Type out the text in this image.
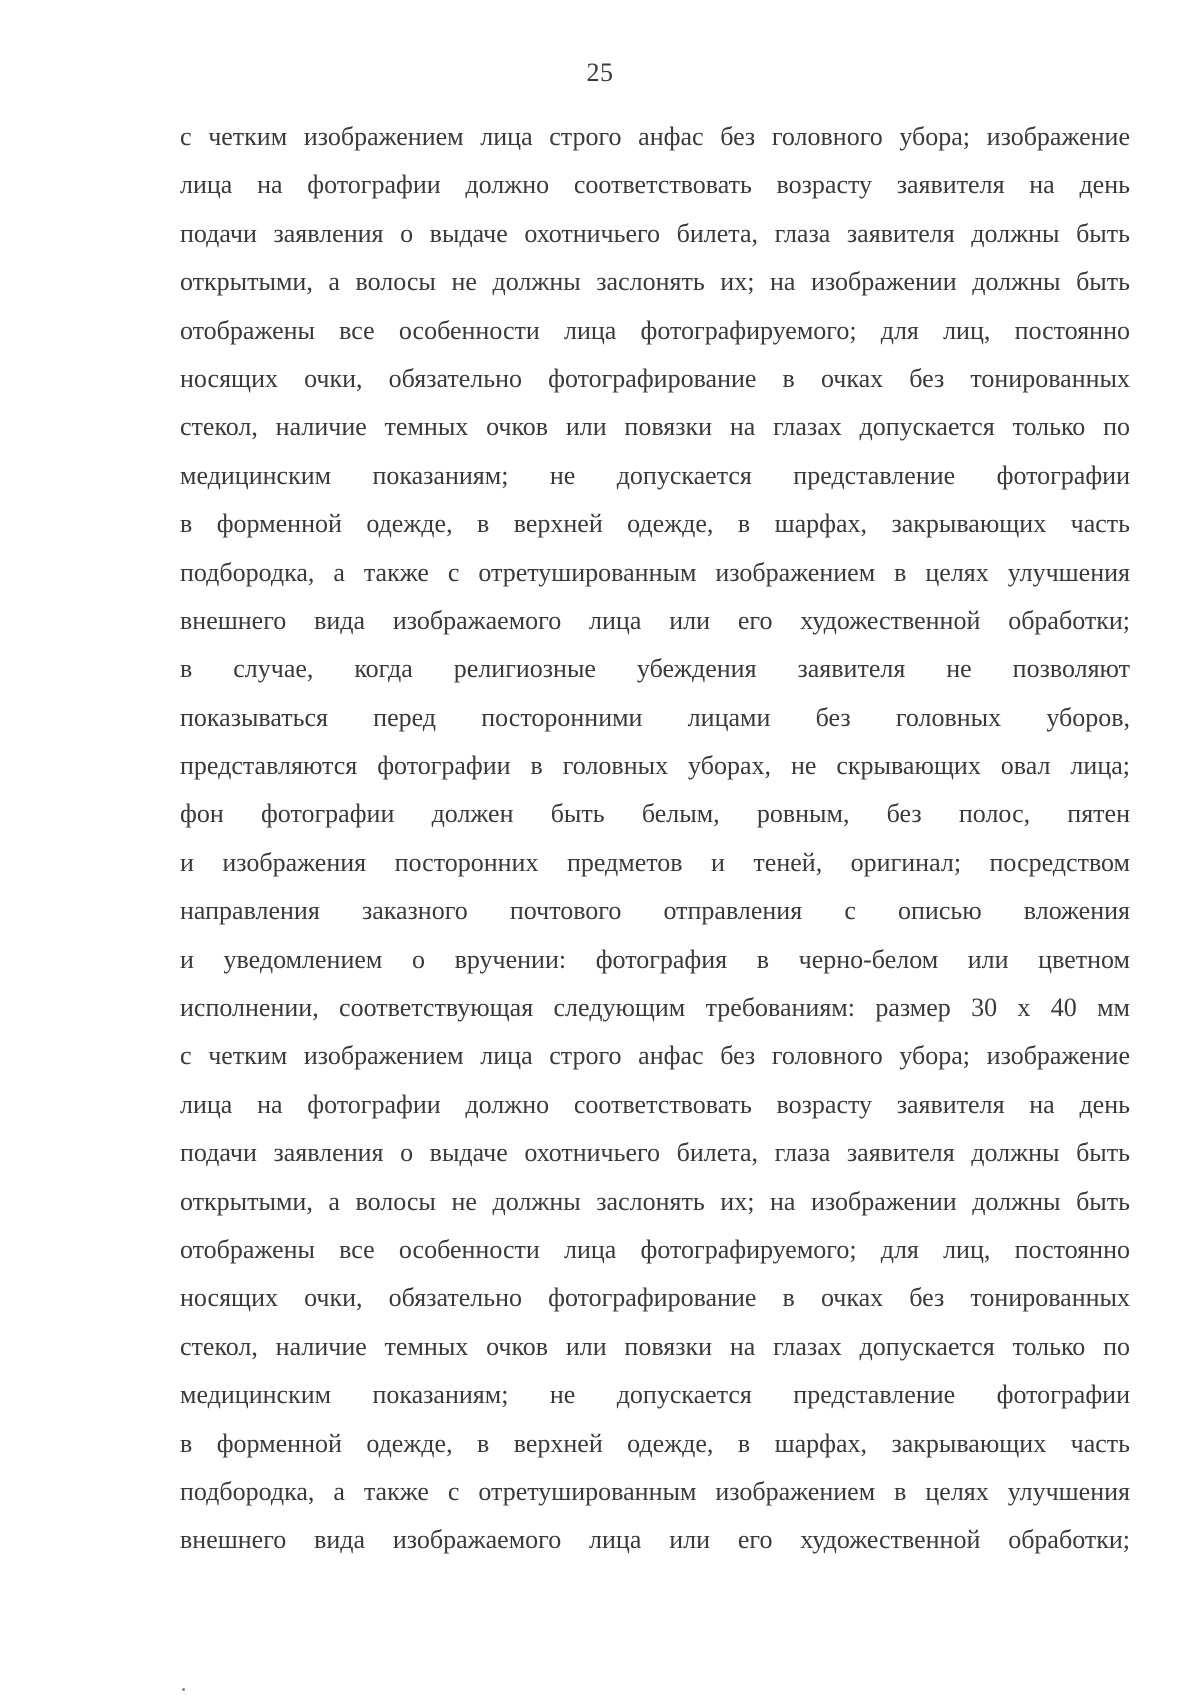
25
с четким изображением лица строго анфас без головного убора; изображение
лица на фотографии должно соответствовать возрасту заявителя на день
подачи заявления о выдаче охотничьего билета, глаза заявителя должны быть
открытыми, а волосы не должны заслонять их; на изображении должны быть
отображены все особенности лица фотографируемого; для лиц, постоянно
носящих очки, обязательно фотографирование в очках без тонированных
стекол, наличие темных очков или повязки на глазах допускается только по
медицинским показаниям; не допускается представление фотографии
в форменной одежде, в верхней одежде, в шарфах, закрывающих часть
подбородка, а также с отретушированным изображением в целях улучшения
внешнего вида изображаемого лица или его художественной обработки;
в случае, когда религиозные убеждения заявителя не позволяют
показываться перед посторонними лицами без головных уборов,
представляются фотографии в головных уборах, не скрывающих овал лица;
фон фотографии должен быть белым, ровным, без полос, пятен
и изображения посторонних предметов и теней, оригинал; посредством
направления заказного почтового отправления с описью вложения
и уведомлением о вручении: фотография в черно-белом или цветном
исполнении, соответствующая следующим требованиям: размер 30 x 40 мм
с четким изображением лица строго анфас без головного убора; изображение
лица на фотографии должно соответствовать возрасту заявителя на день
подачи заявления о выдаче охотничьего билета, глаза заявителя должны быть
открытыми, а волосы не должны заслонять их; на изображении должны быть
отображены все особенности лица фотографируемого; для лиц, постоянно
носящих очки, обязательно фотографирование в очках без тонированных
стекол, наличие темных очков или повязки на глазах допускается только по
медицинским показаниям; не допускается представление фотографии
в форменной одежде, в верхней одежде, в шарфах, закрывающих часть
подбородка, а также с отретушированным изображением в целях улучшения
внешнего вида изображаемого лица или его художественной обработки;
